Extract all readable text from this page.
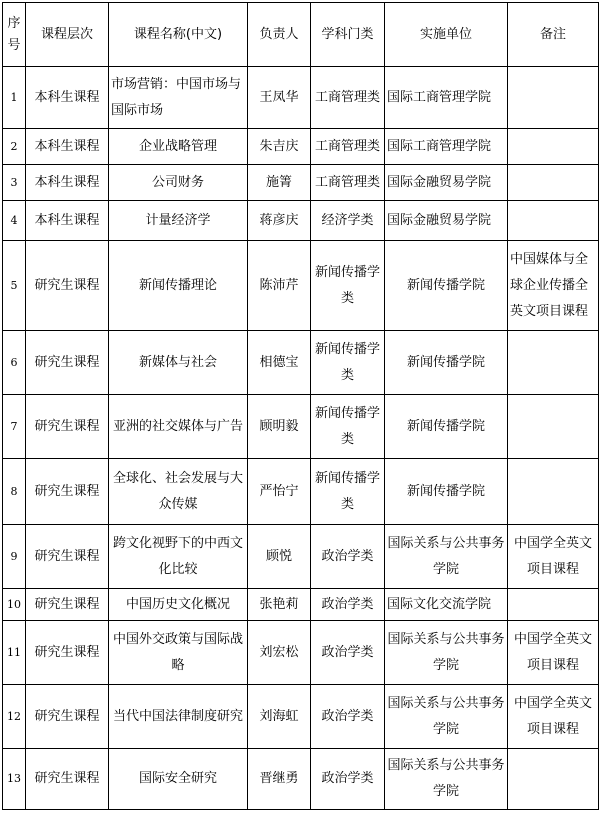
序号	课程层次	课程名称(中文)	负责人	学科门类	实施单位	备注
1	本科生课程	市场营销：中国市场与国际市场	王凤华	工商管理类	国际工商管理学院	
2	本科生课程	企业战略管理	朱吉庆	工商管理类	国际工商管理学院	
3	本科生课程	公司财务	施箐	工商管理类	国际金融贸易学院	
4	本科生课程	计量经济学	蒋彦庆	经济学类	国际金融贸易学院	
5	研究生课程	新闻传播理论	陈沛芹	新闻传播学类	新闻传播学院	中国媒体与全球企业传播全英文项目课程
6	研究生课程	新媒体与社会	相德宝	新闻传播学类	新闻传播学院	
7	研究生课程	亚洲的社交媒体与广告	顾明毅	新闻传播学类	新闻传播学院	
8	研究生课程	全球化、社会发展与大众传媒	严怡宁	新闻传播学类	新闻传播学院	
9	研究生课程	跨文化视野下的中西文化比较	顾悦	政治学类	国际关系与公共事务学院	中国学全英文项目课程
10	研究生课程	中国历史文化概况	张艳莉	政治学类	国际文化交流学院	
11	研究生课程	中国外交政策与国际战略	刘宏松	政治学类	国际关系与公共事务学院	中国学全英文项目课程
12	研究生课程	当代中国法律制度研究	刘海虹	政治学类	国际关系与公共事务学院	中国学全英文项目课程
13	研究生课程	国际安全研究	晋继勇	政治学类	国际关系与公共事务学院	
